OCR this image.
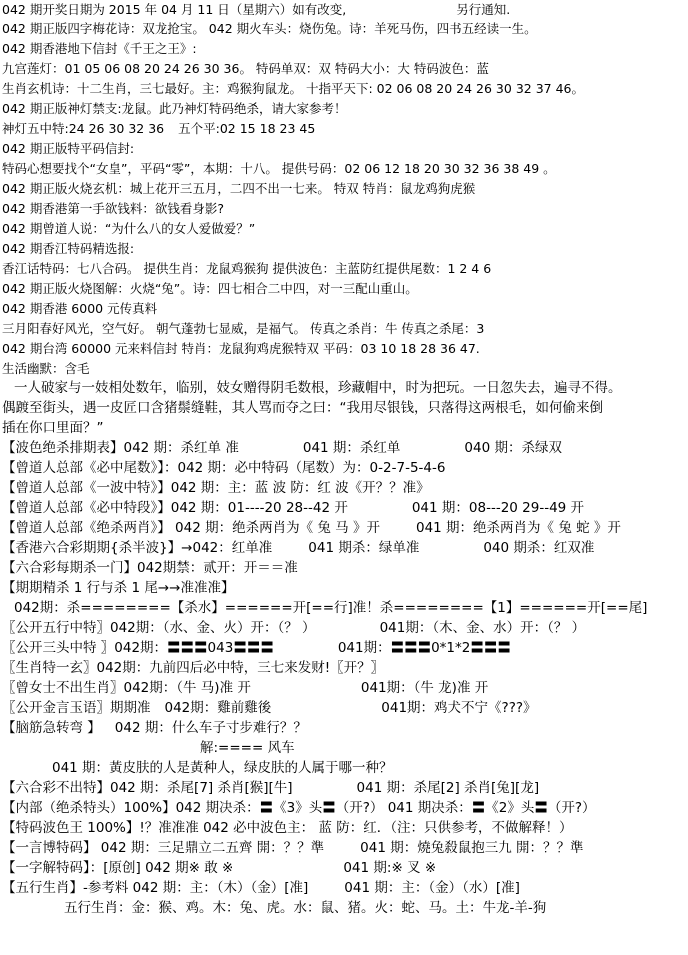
042 期开奖日期为 2015 年 04 月 11 日（星期六）如有改变,	另行通知.
042 期正版四字梅花诗：双龙抢宝。 042 期火车头：烧伤兔。诗：羊死马伤，四书五经读一生。
042 期香港地下信封《千王之王》:
九宫莲灯：01 05 06 08 20 24 26 30 36。 特码单双：双 特码大小：大 特码波色：蓝
生肖玄机诗：十二生肖，三七最好。主：鸡猴狗鼠龙。 十指平天下: 02 06 08 20 24 26 30 32 37 46。
042 期正版神灯禁支:龙鼠。此乃神灯特码绝杀，请大家参考！
神灯五中特:24 26 30 32 36 五个平:02 15 18 23 45
042 期正版特平码信封:
特码心想要找个“女皇”，平码“零”，本期：十八。 提供号码：02 06 12 18 20 30 32 36 38 49 。
042 期正版火烧玄机：城上花开三五月，二四不出一七来。 特双 特肖：鼠龙鸡狗虎猴
042 期香港第一手欲钱料：欲钱看身影?
042 期曾道人说：“为什么八的女人爱做爱？”
042 期香江特码精选报:
香江话特码：七八合码。 提供生肖：龙鼠鸡猴狗 提供波色：主蓝防红提供尾数：1 2 4 6
042 期正版火烧图解：火烧“兔”。诗：四七相合二中四，对一三配山重山。
042 期香港 6000 元传真料
三月阳春好风光，空气好。 朝气蓬勃七显威，是福气。 传真之杀肖：牛 传真之杀尾：3
042 期台湾 60000 元来料信封 特肖：龙鼠狗鸡虎猴特双 平码：03 10 18 28 36 47.
生活幽默：含毛
一人破家与一妓相处数年，临别，妓女赠得阴毛数根，珍藏帽中，时为把玩。一日忽失去，遍寻不得。
偶踱至街头，遇一皮匠口含猪鬃缝鞋，其人骂而夺之曰：“我用尽银钱，只落得这两根毛，如何偷来倒
插在你口里面？”
【波色绝杀排期表】042 期：杀红单 准	041 期：杀红单	040 期：杀绿双
【曾道人总部《必中尾数》】：042 期：必中特码（尾数）为：0-2-7-5-4-6
【曾道人总部《一波中特》】042 期：主：蓝 波 防：红 波《开？？准》
【曾道人总部《必中特段》】042 期：01----20 28--42 开	041 期：08---20 29--49 开
【曾道人总部《绝杀两肖》】 042 期：绝杀两肖为《 兔 马 》开	041 期：绝杀两肖为《 兔 蛇 》开
【香港六合彩期期{杀半波}】→042：红单准	041 期杀：绿单准	040 期杀：红双准
【六合彩每期杀一门】042期禁：贰开：开＝＝准
【期期精杀 1 行与杀 1 尾→→准准准】
042期：杀========【杀水】======开[==行]准！杀========【1】======开[==尾]
〖公开五行中特〗042期：（水、金、火）开：（？ ）	041期：（木、金、水）开：（？ ）
〖公开三头中特 〗042期：〓〓〓043〓〓〓	041期：〓〓〓0*1*2〓〓〓
〖生肖特一玄〗042期：九前四后必中特，三七来发财!〖开？〗
〖曾女士不出生肖〗042期：（牛 马)准 开	041期：（牛 龙)准 开
〖公开金言玉语〗期期准 042期：雞前雞後	041期：鸡犬不宁《???》
【脑筋急转弯 】 042 期：什么车子寸步难行？？
解:==== 风车
041 期：黃皮肤的人是黃种人，绿皮肤的人属于哪一种？
【六合彩不出特】042 期：杀尾[7] 杀肖[猴][牛]	041 期：杀尾[2] 杀肖[兔][龙]
【内部（绝杀特头）100%】042 期决杀：〓《3》头〓（开?） 041 期决杀：〓《2》头〓（开?）
【特码波色王 100%】!？准准准 042 必中波色主： 蓝 防：红．（注：只供参考，不做解释！）
【一言博特码】 042 期：三足鼎立二五齊 開：？？準	041 期：燒兔殺鼠抱三九 開：？？準
【一字解特码】：[原创] 042 期※ 敢 ※	041 期:※ 叉 ※
【五行生肖】-参考料 042 期：主：（木）（金）[准]	041 期：主：（金）（水）[准]
五行生肖：金：猴、鸡。木：兔、虎。水：鼠、猪。火：蛇、马。土：牛龙-羊-狗
